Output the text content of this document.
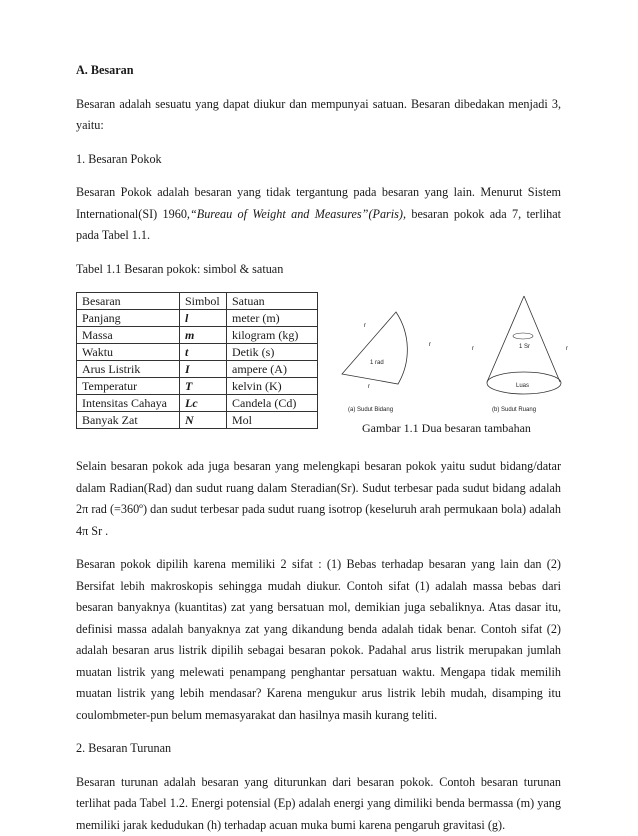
A. Besaran

Besaran adalah sesuatu yang dapat diukur dan mempunyai satuan. Besaran dibedakan menjadi 3, yaitu:

1. Besaran Pokok

Besaran Pokok adalah besaran yang tidak tergantung pada besaran yang lain. Menurut Sistem International(SI) 1960,“Bureau of Weight and Measures”(Paris), besaran pokok ada 7, terlihat pada Tabel 1.1.

Tabel 1.1 Besaran pokok: simbol & satuan

Besaran	Simbol	Satuan
Panjang	l	meter (m)
Massa	m	kilogram (kg)
Waktu	t	Detik (s)
Arus Listrik	I	ampere (A)
Temperatur	T	kelvin (K)
Intensitas Cahaya	Lc	Candela (Cd)
Banyak Zat	N	Mol
r
1 rad
r
r
(a) Sudut Bidang
1 Sr
r	r
Luas
(b) Sudut Ruang
Gambar 1.1 Dua besaran tambahan

Selain besaran pokok ada juga besaran yang melengkapi besaran pokok yaitu sudut bidang/datar dalam Radian(Rad) dan sudut ruang dalam Steradian(Sr). Sudut terbesar pada sudut bidang adalah 2π rad (=360º) dan sudut terbesar pada sudut ruang isotrop (keseluruh arah permukaan bola) adalah 4π Sr .

Besaran pokok dipilih karena memiliki 2 sifat : (1) Bebas terhadap besaran yang lain dan (2) Bersifat lebih makroskopis sehingga mudah diukur. Contoh sifat (1) adalah massa bebas dari besaran banyaknya (kuantitas) zat yang bersatuan mol, demikian juga sebaliknya. Atas dasar itu, definisi massa adalah banyaknya zat yang dikandung benda adalah tidak benar. Contoh sifat (2) adalah besaran arus listrik dipilih sebagai besaran pokok. Padahal arus listrik merupakan jumlah muatan listrik yang melewati penampang penghantar persatuan waktu. Mengapa tidak memilih muatan listrik yang lebih mendasar? Karena mengukur arus listrik lebih mudah, disamping itu coulombmeter-pun belum memasyarakat dan hasilnya masih kurang teliti.

2. Besaran Turunan

Besaran turunan adalah besaran yang diturunkan dari besaran pokok. Contoh besaran turunan terlihat pada Tabel 1.2. Energi potensial (Ep) adalah energi yang dimiliki benda bermassa (m) yang memiliki jarak kedudukan (h) terhadap acuan muka bumi karena pengaruh gravitasi (g).
